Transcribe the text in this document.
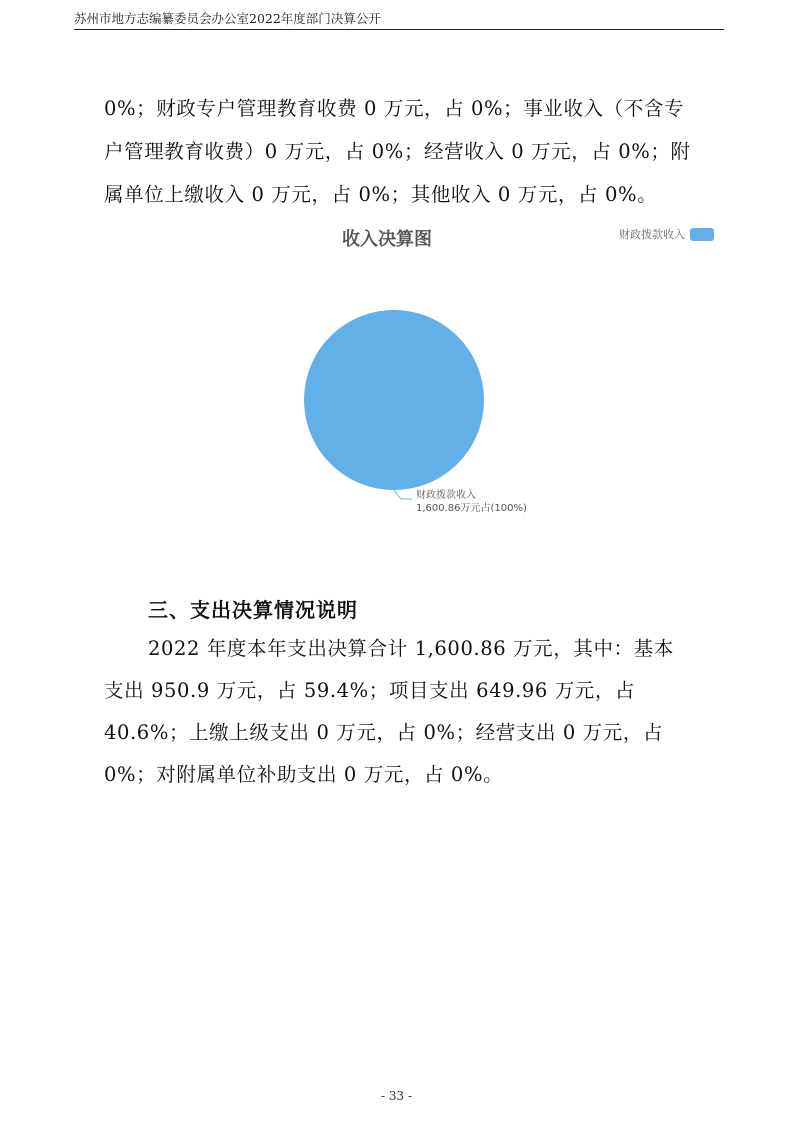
苏州市地方志编纂委员会办公室2022年度部门决算公开
0%；财政专户管理教育收费 0 万元，占 0%；事业收入（不含专
户管理教育收费）0 万元，占 0%；经营收入 0 万元，占 0%；附
属单位上缴收入 0 万元，占 0%；其他收入 0 万元，占 0%。
收入决算图	财政拨款收入
财政拨款收入
1,600.86万元占(100%)
三、支出决算情况说明
2022 年度本年支出决算合计 1,600.86 万元，其中：基本
支出 950.9 万元，占 59.4%；项目支出 649.96 万元，占
40.6%；上缴上级支出 0 万元，占 0%；经营支出 0 万元，占
0%；对附属单位补助支出 0 万元，占 0%。
- 33 -
